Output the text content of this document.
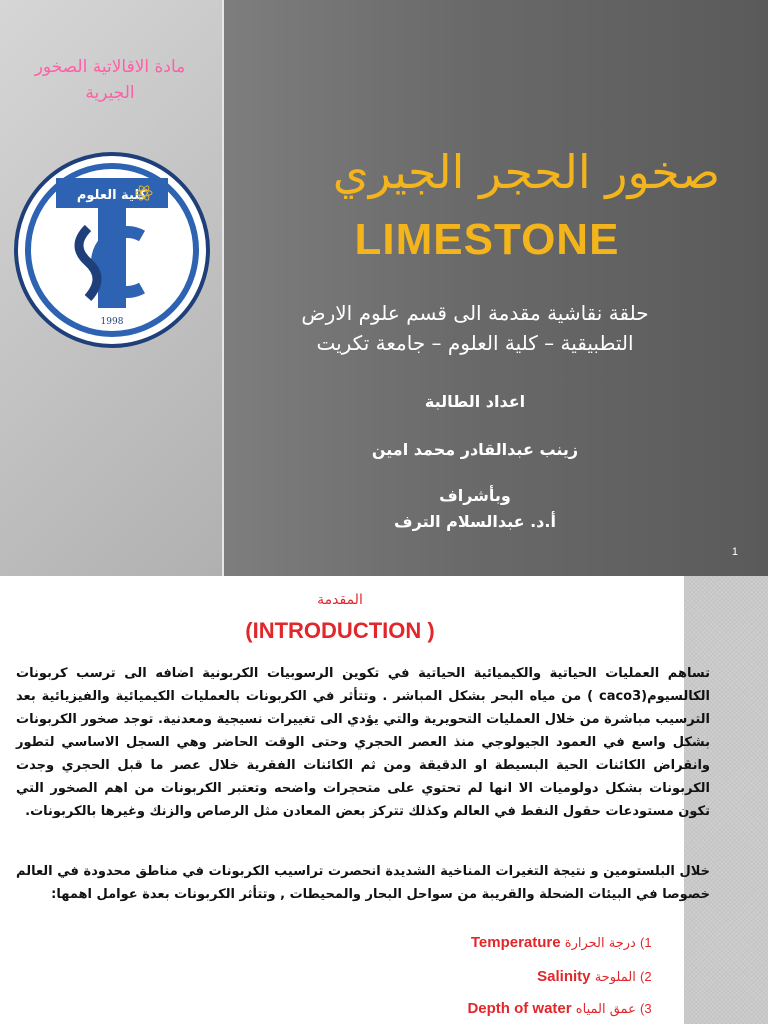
مادة الاقالاتية الصخور الجيرية
كلية العلوم
1998
صخور الحجر الجيري
LIMESTONE
حلقة نقاشية مقدمة الى قسم علوم الارض
التطبيقية – كلية العلوم – جامعة تكريت
اعداد الطالبة
زينب عبدالقادر محمد امين
وبأشراف
أ.د. عبدالسلام الترف
1
المقدمة
(INTRODUCTION )
تساهم العمليات الحياتية والكيميائية الحياتية في تكوين الرسوبيات الكربونية اضافه الى ترسب كربونات الكالسيوم(caco3 ) من مياه البحر بشكل المباشر . وتتأثر في الكربونات بالعمليات الكيميائية والفيزيائية بعد الترسيب مباشرة من خلال العمليات التحويرية والتي يؤدي الى تغييرات نسيجية ومعدنية. توجد صخور الكربونات بشكل واسع في العمود الجيولوجي منذ العصر الحجري وحتى الوقت الحاضر وهي السجل الاساسي لتطور وانقراض الكائنات الحية البسيطة او الدقيقة ومن ثم الكائنات الفقرية خلال عصر ما قبل الحجري وجدت الكربونات بشكل دولوميات الا انها لم تحتوي على متحجرات واضحه وتعتبر الكربونات من اهم الصخور التي تكون مستودعات حقول النفط في العالم وكذلك تتركز بعض المعادن مثل الرصاص والزنك وغيرها بالكربونات.
خلال البلستومين و نتيجة التغيرات المناخية الشديدة انحصرت تراسيب الكربونات في مناطق محدودة في العالم خصوصا في البيئات الضحلة والقريبة من سواحل البحار والمحيطات , وتتأثر الكربونات بعدة عوامل اهمها:
1) درجة الحرارة Temperature
2) الملوحة Salinity
3) عمق المياه Depth of water
